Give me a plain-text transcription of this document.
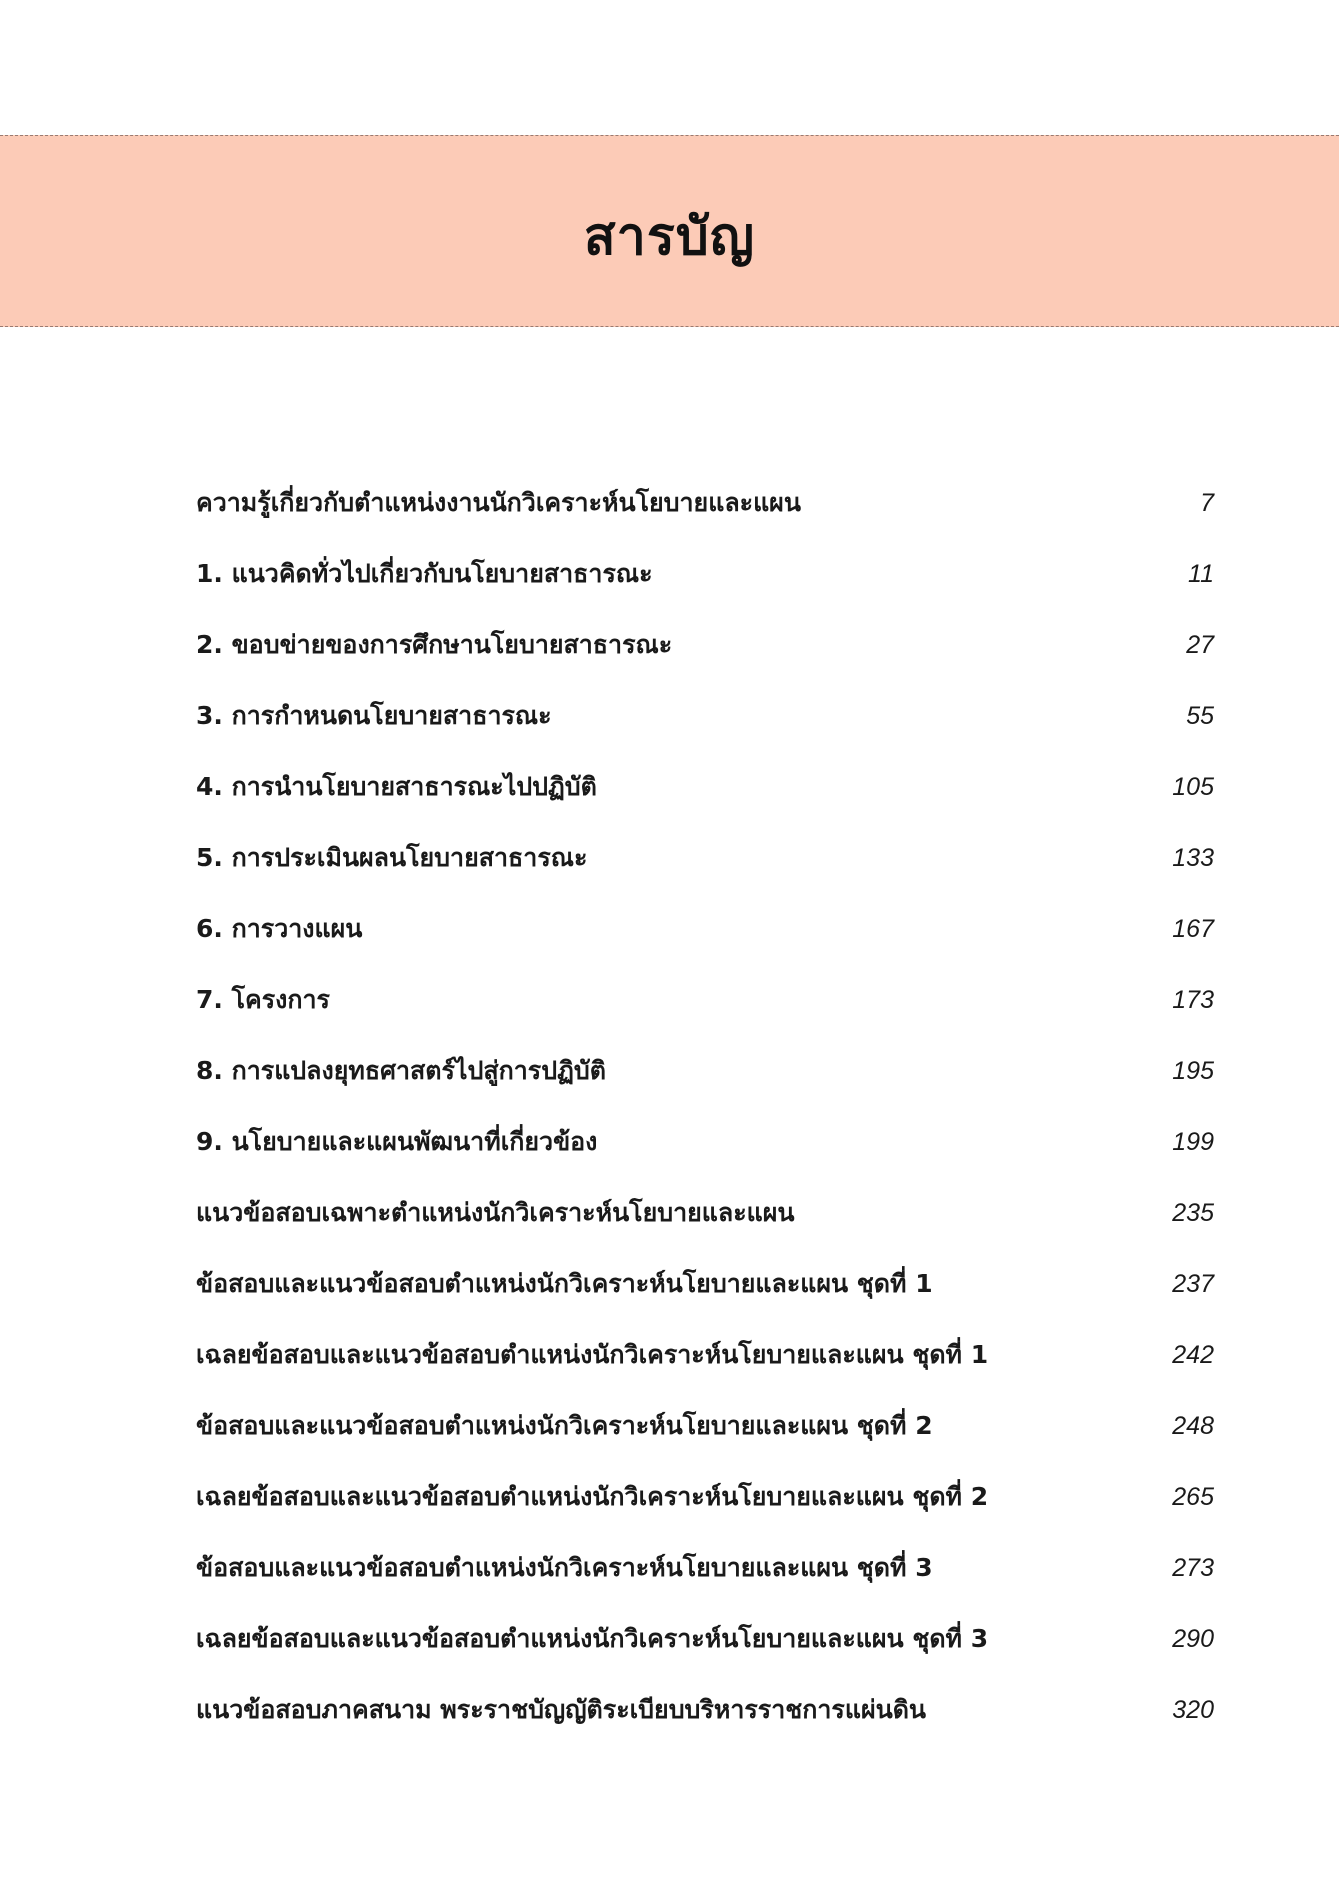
สารบัญ
ความรู้เกี่ยวกับตำแหน่งงานนักวิเคราะห์นโยบายและแผน	7
1. แนวคิดทั่วไปเกี่ยวกับนโยบายสาธารณะ	11
2. ขอบข่ายของการศึกษานโยบายสาธารณะ	27
3. การกำหนดนโยบายสาธารณะ	55
4. การนำนโยบายสาธารณะไปปฏิบัติ	105
5. การประเมินผลนโยบายสาธารณะ	133
6. การวางแผน	167
7. โครงการ	173
8. การแปลงยุทธศาสตร์ไปสู่การปฏิบัติ	195
9. นโยบายและแผนพัฒนาที่เกี่ยวข้อง	199
แนวข้อสอบเฉพาะตำแหน่งนักวิเคราะห์นโยบายและแผน	235
ข้อสอบและแนวข้อสอบตำแหน่งนักวิเคราะห์นโยบายและแผน ชุดที่ 1	237
เฉลยข้อสอบและแนวข้อสอบตำแหน่งนักวิเคราะห์นโยบายและแผน ชุดที่ 1	242
ข้อสอบและแนวข้อสอบตำแหน่งนักวิเคราะห์นโยบายและแผน ชุดที่ 2	248
เฉลยข้อสอบและแนวข้อสอบตำแหน่งนักวิเคราะห์นโยบายและแผน ชุดที่ 2	265
ข้อสอบและแนวข้อสอบตำแหน่งนักวิเคราะห์นโยบายและแผน ชุดที่ 3	273
เฉลยข้อสอบและแนวข้อสอบตำแหน่งนักวิเคราะห์นโยบายและแผน ชุดที่ 3	290
แนวข้อสอบภาคสนาม พระราชบัญญัติระเบียบบริหารราชการแผ่นดิน	320
